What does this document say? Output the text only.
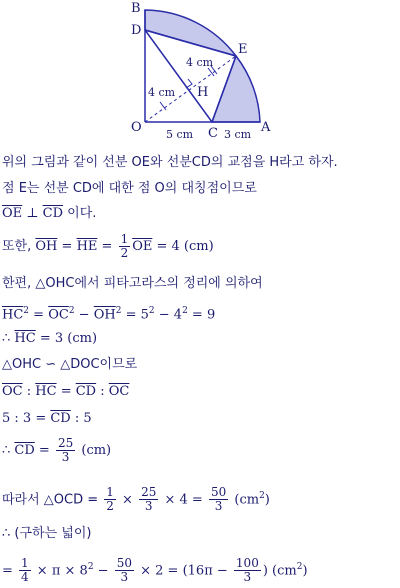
B
D
E
H
O	C	A
4 cm
4 cm
5 cm	3 cm
위의 그림과 같이 선분 OE와 선분CD의 교점을 H라고 하자.
점 E는 선분 CD에 대한 점 O의 대칭점이므로
$\overline{OE}$ ⊥ $\overline{CD}$ 이다.
또한, $\overline{OH} = \overline{HE} = \frac{1}{2} \overline{OE} = 4$ (cm)
한편, △OHC에서 피타고라스의 정리에 의하여
$\overline{HC}^2 = \overline{OC}^2 - \overline{OH}^2 = 5^2 - 4^2 = 9$
∴ $\overline{HC} = 3$ (cm)
△OHC ∽ △DOC이므로
$\overline{OC}$ : $\overline{HC} = \overline{CD}$ : $\overline{OC}$
5 : $3 = \overline{CD}$ : 5
∴ $\overline{CD} = \frac{25}{3} (cm)$
따라서 △OCD = $\frac{1}{2} \times \frac{25}{3} \times 4 = \frac{50}{3} (cm^2)$
∴ (구하는 넓이)
= $\frac{1}{4} \times \pi \times 8^2 - \frac{50}{3} \times 2 = (16\pi - \frac{100}{3}$ ) $(cm^2)$
